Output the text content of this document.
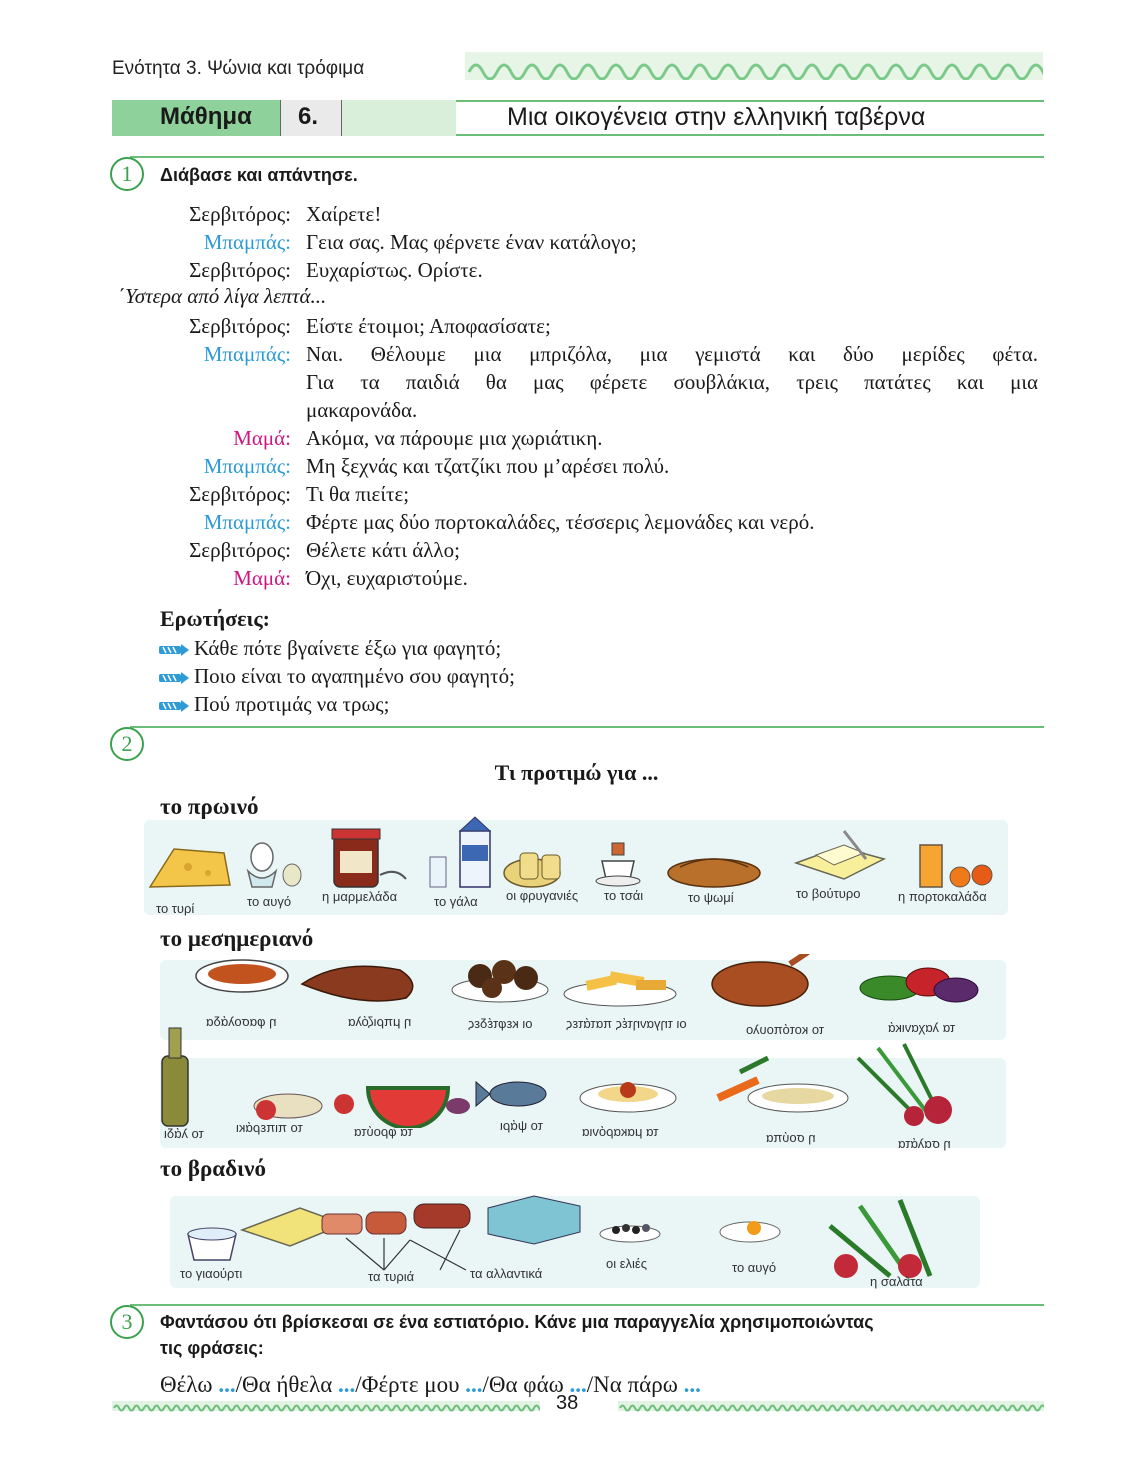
Ενότητα 3. Ψώνια και τρόφιμα
Μάθημα 6.	Μια οικογένεια στην ελληνική ταβέρνα
1	Διάβασε και απάντησε.
Σερβιτόρος: Χαίρετε!
Μπαμπάς: Γεια σας. Μας φέρνετε έναν κατάλογο;
Σερβιτόρος: Ευχαρίστως. Ορίστε.
΄Υστερα από λίγα λεπτά...
Σερβιτόρος: Είστε έτοιμοι; Αποφασίσατε;
Μπαμπάς: Ναι. Θέλουμε μια μπριζόλα, μια γεμιστά και δύο μερίδες φέτα.
Για τα παιδιά θα μας φέρετε σουβλάκια, τρεις πατάτες και μια
μακαρονάδα.
Μαμά: Ακόμα, να πάρουμε μια χωριάτικη.
Μπαμπάς: Μη ξεχνάς και τζατζίκι που μ’αρέσει πολύ.
Σερβιτόρος: Τι θα πιείτε;
Μπαμπάς: Φέρτε μας δύο πορτοκαλάδες, τέσσερις λεμονάδες και νερό.
Σερβιτόρος: Θέλετε κάτι άλλο;
Μαμά: Όχι, ευχαριστούμε.
Ερωτήσεις:
Κάθε πότε βγαίνετε έξω για φαγητό;
Ποιο είναι το αγαπημένο σου φαγητό;
Πού προτιμάς να τρως;
2
Τι προτιμώ για ...
το πρωινό
το τυρί	το αυγό η μαρμελάδα	το γάλα οι φρυγανιές το τσάι	το ψωμί	το βούτυρο	η πορτοκαλάδα
το μεσημεριανό
η φασολάδα	η μπριζόλα	οι κεφτέδες	οι τηγανητές πατάτες	το κοτόπουλο	τα λαχανικά
το λάδι το πιπεράκι	τα φρούτα	το ψάρι	τα μακαρόνια	η σούπα	η σαλάτα
το βραδινό
το γιαούρτι	τα τυριά	τα αλλαντικά
οι ελιές	το αυγό
η σαλάτα
3	Φαντάσου ότι βρίσκεσαι σε ένα εστιατόριο. Κάνε μια παραγγελία χρησιμοποιώντας
τις φράσεις:
Θέλω .../Θα ήθελα .../Φέρτε μου .../Θα φάω .../Να πάρω ...
38
